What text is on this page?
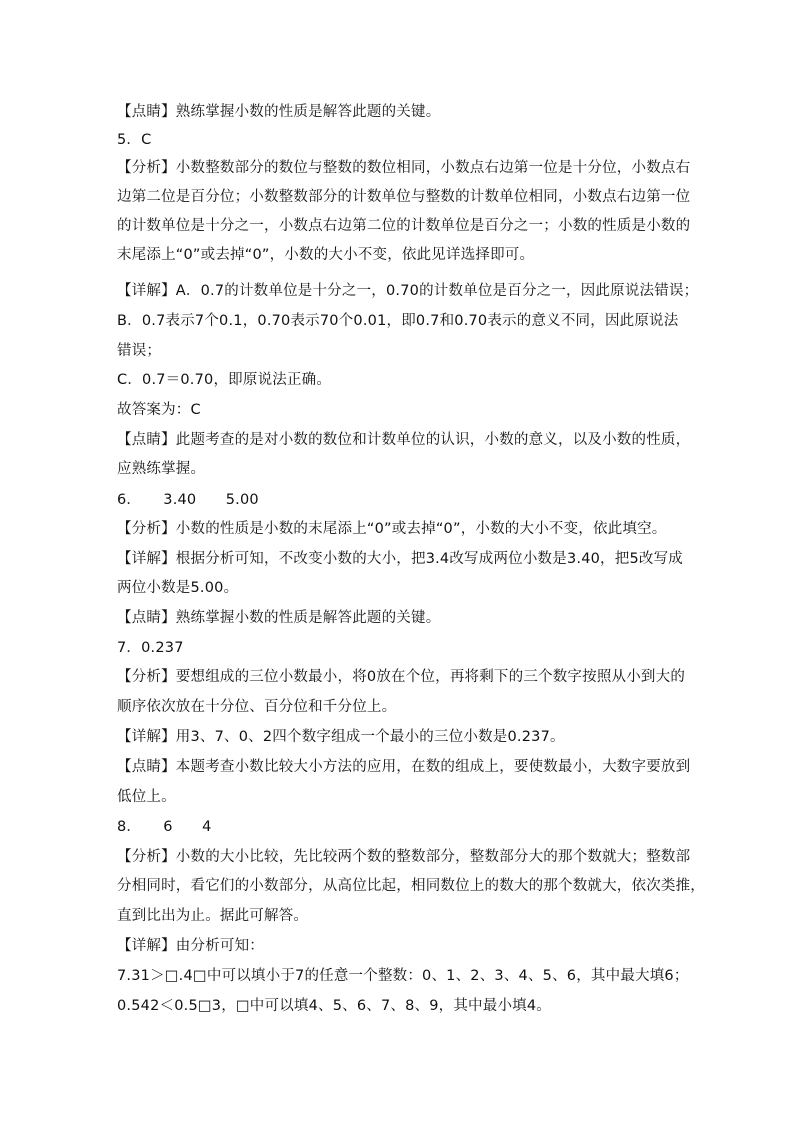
【点睛】熟练掌握小数的性质是解答此题的关键。
5．C
【分析】小数整数部分的数位与整数的数位相同，小数点右边第一位是十分位，小数点右
边第二位是百分位；小数整数部分的计数单位与整数的计数单位相同，小数点右边第一位
的计数单位是十分之一，小数点右边第二位的计数单位是百分之一；小数的性质是小数的
末尾添上“0”或去掉“0”，小数的大小不变，依此见详选择即可。
【详解】A．0.7的计数单位是十分之一，0.70的计数单位是百分之一，因此原说法错误；
B．0.7表示7个0.1，0.70表示70个0.01，即0.7和0.70表示的意义不同，因此原说法
错误；
C．0.7＝0.70，即原说法正确。
故答案为：C
【点睛】此题考查的是对小数的数位和计数单位的认识，小数的意义，以及小数的性质，
应熟练掌握。
6．　　3.40　　5.00
【分析】小数的性质是小数的末尾添上“0”或去掉“0”，小数的大小不变，依此填空。
【详解】根据分析可知，不改变小数的大小，把3.4改写成两位小数是3.40，把5改写成
两位小数是5.00。
【点睛】熟练掌握小数的性质是解答此题的关键。
7．0.237
【分析】要想组成的三位小数最小，将0放在个位，再将剩下的三个数字按照从小到大的
顺序依次放在十分位、百分位和千分位上。
【详解】用3、7、0、2四个数字组成一个最小的三位小数是0.237。
【点睛】本题考查小数比较大小方法的应用，在数的组成上，要使数最小，大数字要放到
低位上。
8．　　6　　4
【分析】小数的大小比较，先比较两个数的整数部分，整数部分大的那个数就大；整数部
分相同时，看它们的小数部分，从高位比起，相同数位上的数大的那个数就大，依次类推，
直到比出为止。据此可解答。
【详解】由分析可知：
7.31＞□.4□中可以填小于7的任意一个整数：0、1、2、3、4、5、6，其中最大填6；
0.542＜0.5□3，□中可以填4、5、6、7、8、9，其中最小填4。
